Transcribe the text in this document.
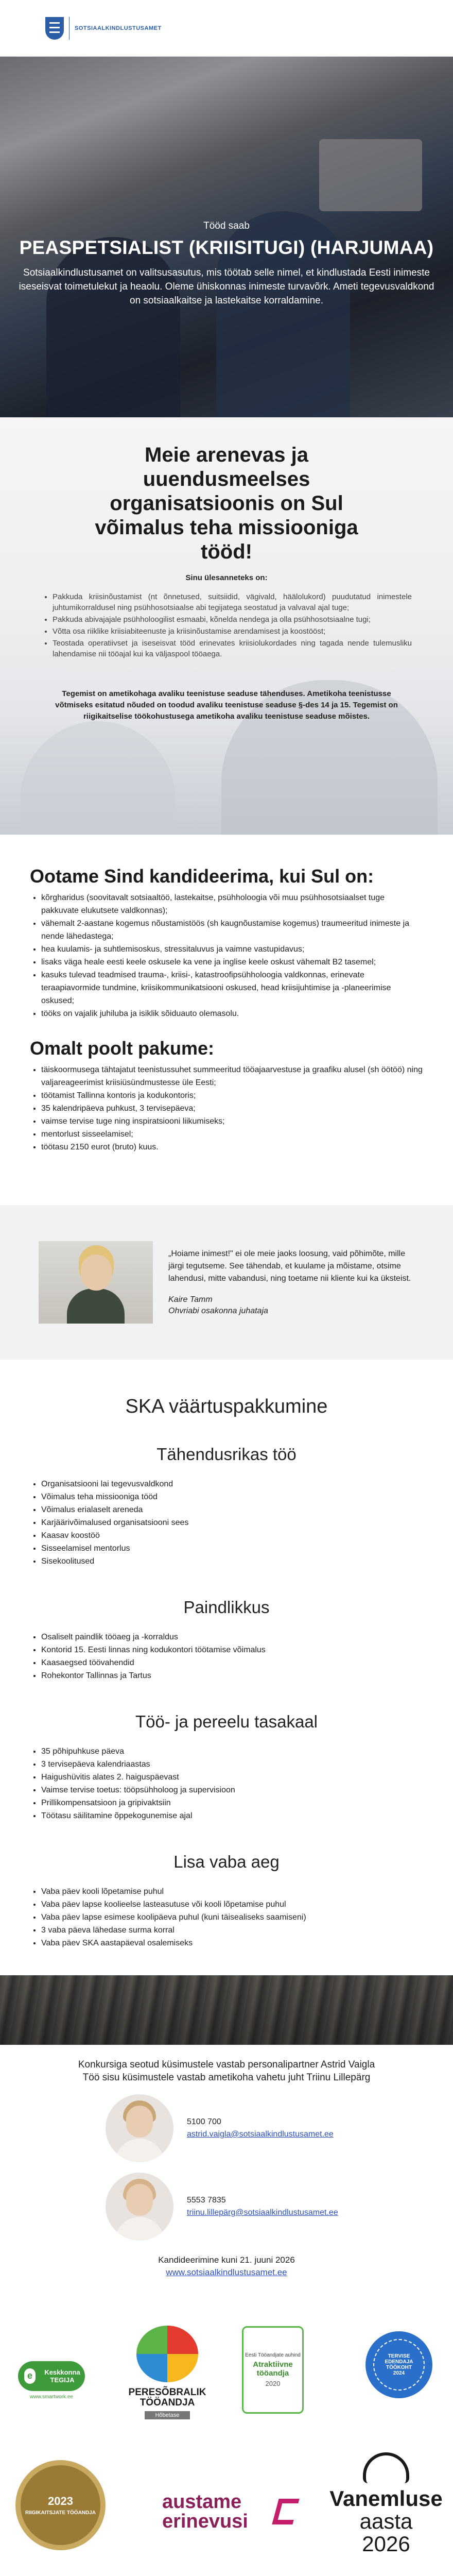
SOTSIAALKINDLUSTUSAMET
Tööd saab
PEASPETSIALIST (KRIISITUGI) (HARJUMAA)

Sotsiaalkindlustusamet on valitsusasutus, mis töötab selle nimel, et kindlustada Eesti inimeste iseseisvat toimetulekut ja heaolu. Oleme ühiskonnas inimeste turvavõrk. Ameti tegevusvaldkond on sotsiaalkaitse ja lastekaitse korraldamine.

Meie arenevas ja uuendusmeelses organisatsioonis on Sul võimalus teha missiooniga tööd!
Sinu ülesanneteks on:
• Pakkuda kriisinõustamist (nt õnnetused, suitsiidid, vägivald, häälolukord) puudutatud inimestele juhtumikorraldusel ning psühhosotsiaalse abi tegijatega seostatud ja valvaval ajal tuge;
• Pakkuda abivajajale psühholoogilist esmaabi, kõnelda nendega ja olla psühhosotsiaalne tugi;
• Võtta osa riiklike kriisiabiteenuste ja kriisinõustamise arendamisest ja koostööst;
• Teostada operatiivset ja iseseisvat tööd erinevates kriisiolukordades ning tagada nende tulemusliku lahendamise nii tööajal kui ka väljaspool tööaega.

Tegemist on ametikohaga avaliku teenistuse seaduse tähenduses. Ametikoha teenistusse võtmiseks esitatud nõuded on toodud avaliku teenistuse seaduse §-des 14 ja 15. Tegemist on riigikaitselise töökohustusega ametikoha avaliku teenistuse seaduse mõistes.

Ootame Sind kandideerima, kui Sul on:
• kõrgharidus (soovitavalt sotsiaaltöö, lastekaitse, psühholoogia või muu psühhosotsiaalset tuge pakkuvate elukutsete valdkonnas);
• vähemalt 2-aastane kogemus nõustamistöös (sh kaugnõustamise kogemus) traumeeritud inimeste ja nende lähedastega;
• hea kuulamis- ja suhtlemisoskus, stressitaluvus ja vaimne vastupidavus;
• lisaks väga heale eesti keele oskusele ka vene ja inglise keele oskust vähemalt B2 tasemel;
• kasuks tulevad teadmised trauma-, kriisi-, katastroofipsühholoogia valdkonnas, erinevate teraapiavormide tundmine, kriisikommunikatsiooni oskused, head kriisijuhtimise ja -planeerimise oskused;
• tööks on vajalik juhiluba ja isiklik sõiduauto olemasolu.
Omalt poolt pakume:
• täiskoormusega tähtajatut teenistussuhet summeeritud tööajaarvestuse ja graafiku alusel (sh öötöö) ning valjareageerimist kriisiüsündmustesse üle Eesti;
• töötamist Tallinna kontoris ja kodukontoris;
• 35 kalendripäeva puhkust, 3 tervisepäeva;
• vaimse tervise tuge ning inspiratsiooni liikumiseks;
• mentorlust sisseelamisel;
• töötasu 2150 eurot (bruto) kuus.

„Hoiame inimest!" ei ole meie jaoks loosung, vaid põhimõte, mille järgi tegutseme. See tähendab, et kuulame ja mõistame, otsime lahendusi, mitte vabandusi, ning toetame nii kliente kui ka üksteist.

Kaire Tamm
Ohvriabi osakonna juhataja
SKA väärtuspakkumine
Tähendusrikas töö
• Organisatsiooni lai tegevusvaldkond
• Võimalus teha missiooniga tööd
• Võimalus erialaselt areneda
• Karjäärivõimalused organisatsiooni sees
• Kaasav koostöö
• Sisseelamisel mentorlus
• Sisekoolitused
Paindlikkus
• Osaliselt paindlik tööaeg ja -korraldus
• Kontorid 15. Eesti linnas ning kodukontori töötamise võimalus
• Kaasaegsed töövahendid
• Rohekontor Tallinnas ja Tartus
Töö- ja pereelu tasakaal
• 35 põhipuhkuse päeva
• 3 tervisepäeva kalendriaastas
• Haigushüvitis alates 2. haiguspäevast
• Vaimse tervise toetus: tööpsühholoog ja supervisioon
• Prillikompensatsioon ja gripivaktsiin
• Töötasu säilitamine õppekogunemise ajal
Lisa vaba aeg
• Vaba päev kooli lõpetamise puhul
• Vaba päev lapse koolieelse lasteasutuse või kooli lõpetamise puhul
• Vaba päev lapse esimese koolipäeva puhul (kuni täisealiseks saamiseni)
• 3 vaba päeva lähedase surma korral
• Vaba päev SKA aastapäeval osalemiseks
Konkursiga seotud küsimustele vastab personalipartner Astrid Vaigla
Töö sisu küsimustele vastab ametikoha vahetu juht Triinu Lillepärg
5100 700
astrid.vaigla@sotsiaalkindlustusamet.ee
5553 7835
triinu.lillepärg@sotsiaalkindlustusamet.ee
Kandideerimine kuni 21. juuni 2026
www.sotsiaalkindlustusamet.ee
e	Keskkonna TEGIJA
www.smartwork.ee	PERESÕBRALIK TÖÖANDJA
Hõbetase
Eesti Tööandjate auhind
Atraktiivne tööandja
2020
TERVISE EDENDAJA TÖÖKOHT
2024
2023
RIIGIKAITSJATE TÖÖANDJA
austame
erinevusi
Vanemluse
aasta 2026
